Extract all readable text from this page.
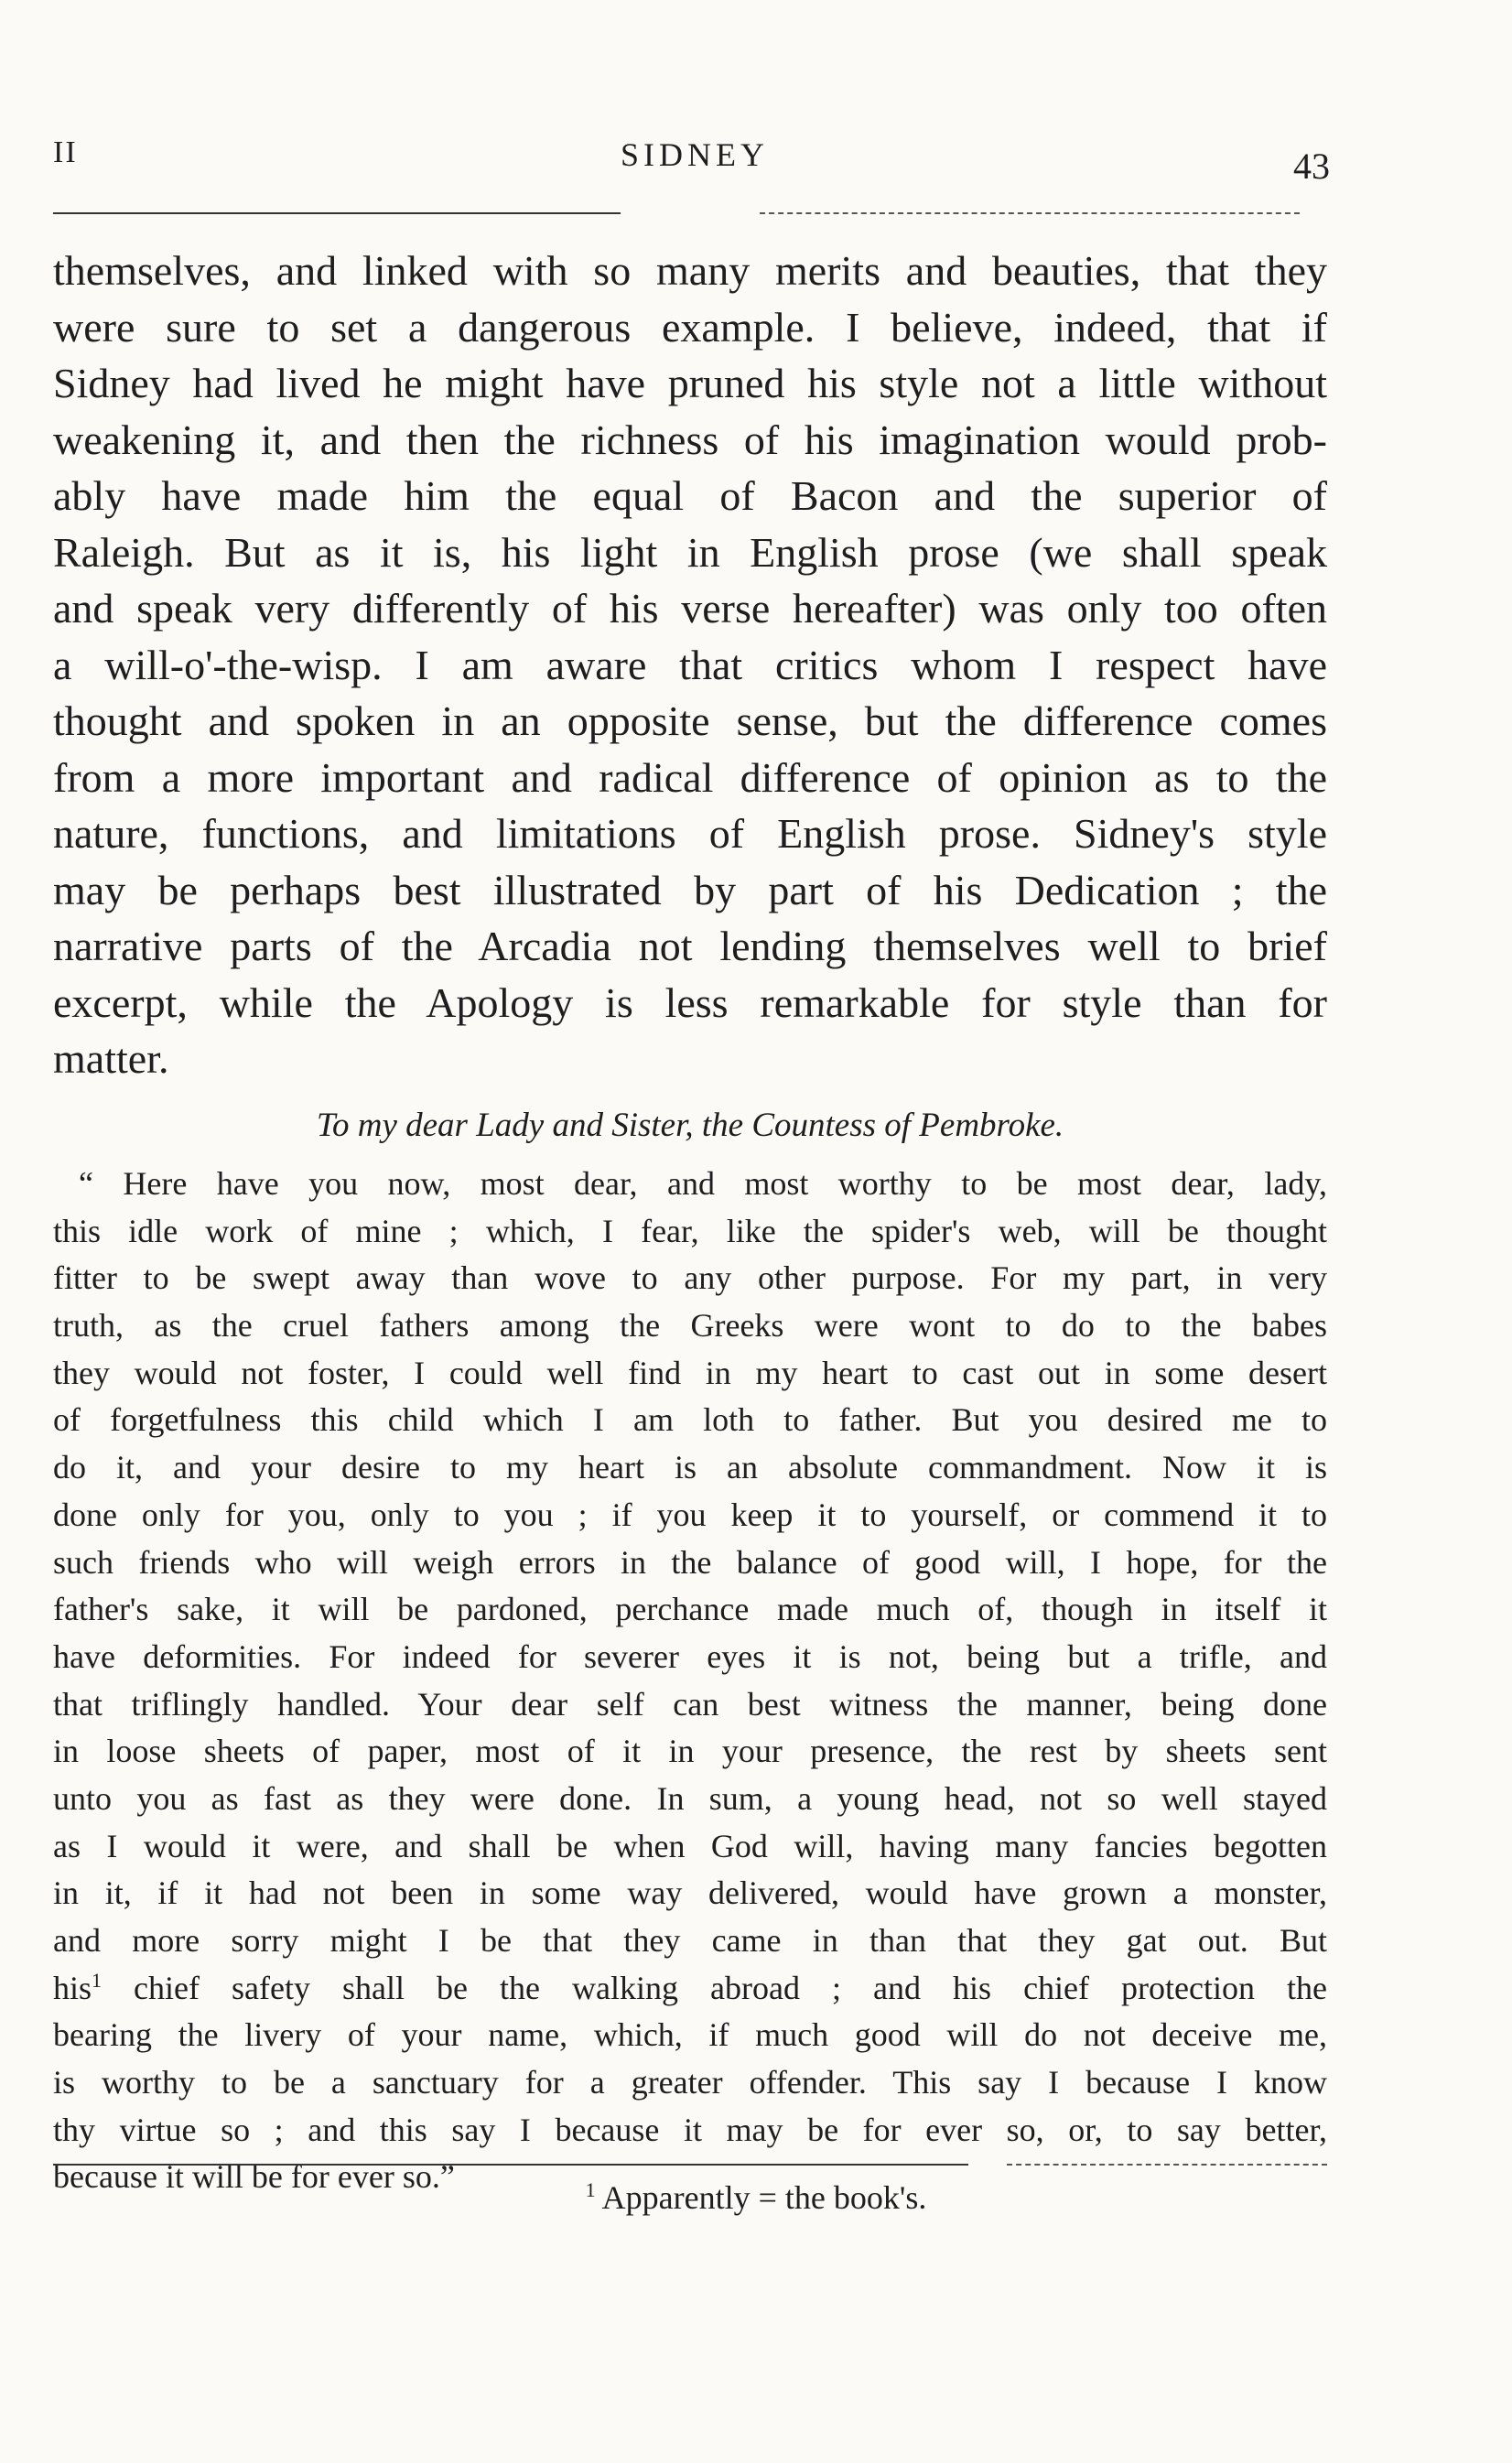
II	SIDNEY	43
themselves, and linked with so many merits and beauties, that they
were sure to set a dangerous example. I believe, indeed, that if
Sidney had lived he might have pruned his style not a little without
weakening it, and then the richness of his imagination would prob-
ably have made him the equal of Bacon and the superior of
Raleigh. But as it is, his light in English prose (we shall speak
and speak very differently of his verse hereafter) was only too often
a will-o'-the-wisp. I am aware that critics whom I respect have
thought and spoken in an opposite sense, but the difference comes
from a more important and radical difference of opinion as to the
nature, functions, and limitations of English prose. Sidney's style
may be perhaps best illustrated by part of his Dedication ; the
narrative parts of the Arcadia not lending themselves well to brief
excerpt, while the Apology is less remarkable for style than for
matter.
To my dear Lady and Sister, the Countess of Pembroke.
“ Here have you now, most dear, and most worthy to be most dear, lady,
this idle work of mine ; which, I fear, like the spider's web, will be thought
fitter to be swept away than wove to any other purpose. For my part, in very
truth, as the cruel fathers among the Greeks were wont to do to the babes
they would not foster, I could well find in my heart to cast out in some desert
of forgetfulness this child which I am loth to father. But you desired me to
do it, and your desire to my heart is an absolute commandment. Now it is
done only for you, only to you ; if you keep it to yourself, or commend it to
such friends who will weigh errors in the balance of good will, I hope, for the
father's sake, it will be pardoned, perchance made much of, though in itself it
have deformities. For indeed for severer eyes it is not, being but a trifle, and
that triflingly handled. Your dear self can best witness the manner, being done
in loose sheets of paper, most of it in your presence, the rest by sheets sent
unto you as fast as they were done. In sum, a young head, not so well stayed
as I would it were, and shall be when God will, having many fancies begotten
in it, if it had not been in some way delivered, would have grown a monster,
and more sorry might I be that they came in than that they gat out. But
his$^1$ chief safety shall be the walking abroad ; and his chief protection the
bearing the livery of your name, which, if much good will do not deceive me,
is worthy to be a sanctuary for a greater offender. This say I because I know
thy virtue so ; and this say I because it may be for ever so, or, to say better,
because it will be for ever so.”	$^1$ Apparently = the book's.
